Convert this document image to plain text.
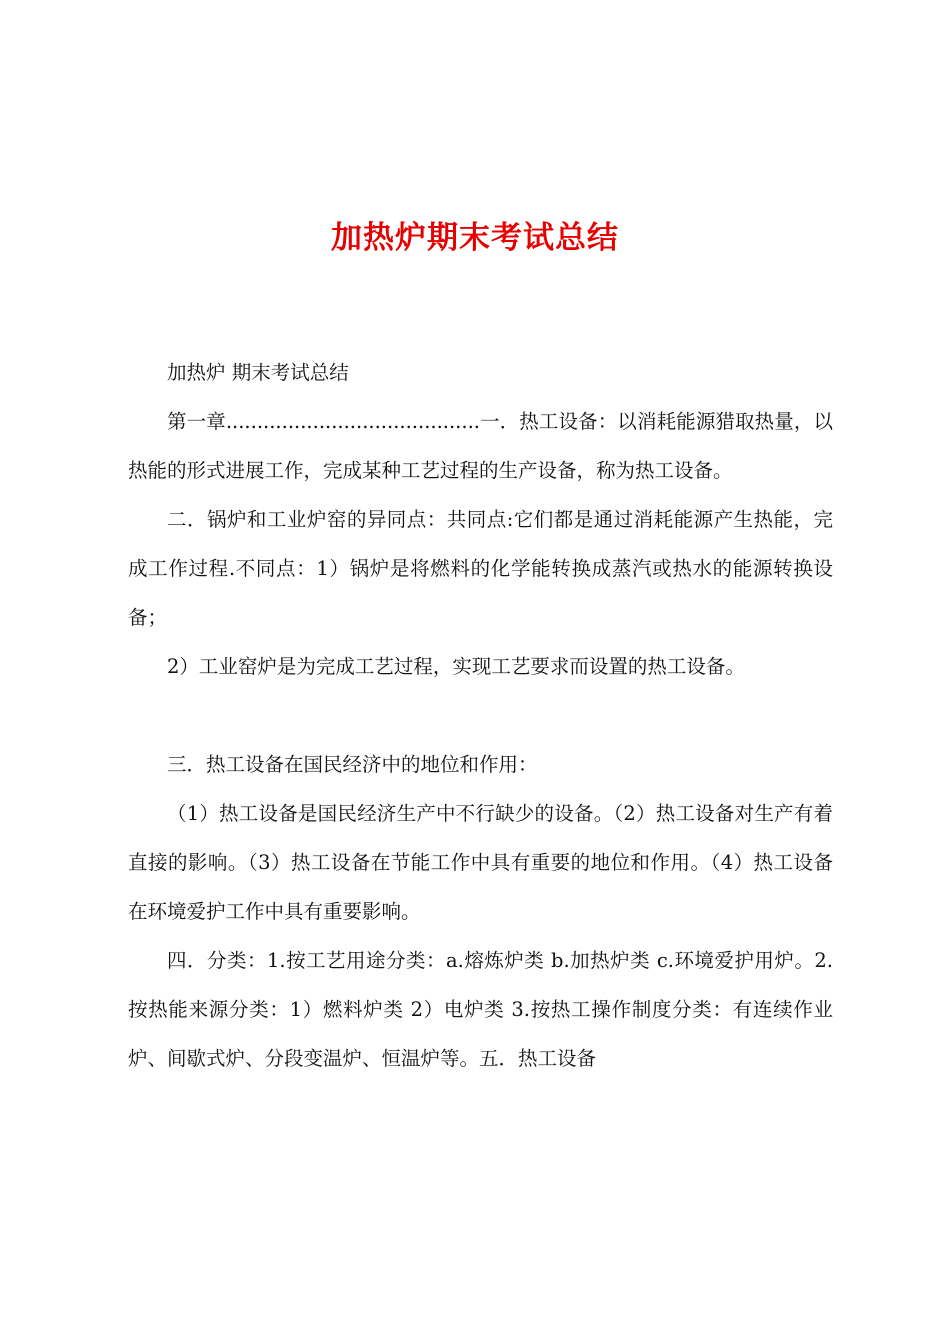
加热炉期末考试总结

加热炉 期末考试总结

第一章.........................................一．热工设备：以消耗能源猎取热量，以热能的形式进展工作，完成某种工艺过程的生产设备，称为热工设备。

二．锅炉和工业炉窑的异同点：共同点:它们都是通过消耗能源产生热能，完成工作过程.不同点：1）锅炉是将燃料的化学能转换成蒸汽或热水的能源转换设备；

2）工业窑炉是为完成工艺过程，实现工艺要求而设置的热工设备。

三．热工设备在国民经济中的地位和作用：

（1）热工设备是国民经济生产中不行缺少的设备。（2）热工设备对生产有着直接的影响。（3）热工设备在节能工作中具有重要的地位和作用。（4）热工设备在环境爱护工作中具有重要影响。

四．分类：1.按工艺用途分类：a.熔炼炉类 b.加热炉类 c.环境爱护用炉。2.按热能来源分类：1）燃料炉类 2）电炉类 3.按热工操作制度分类：有连续作业炉、间歇式炉、分段变温炉、恒温炉等。五．热工设备
